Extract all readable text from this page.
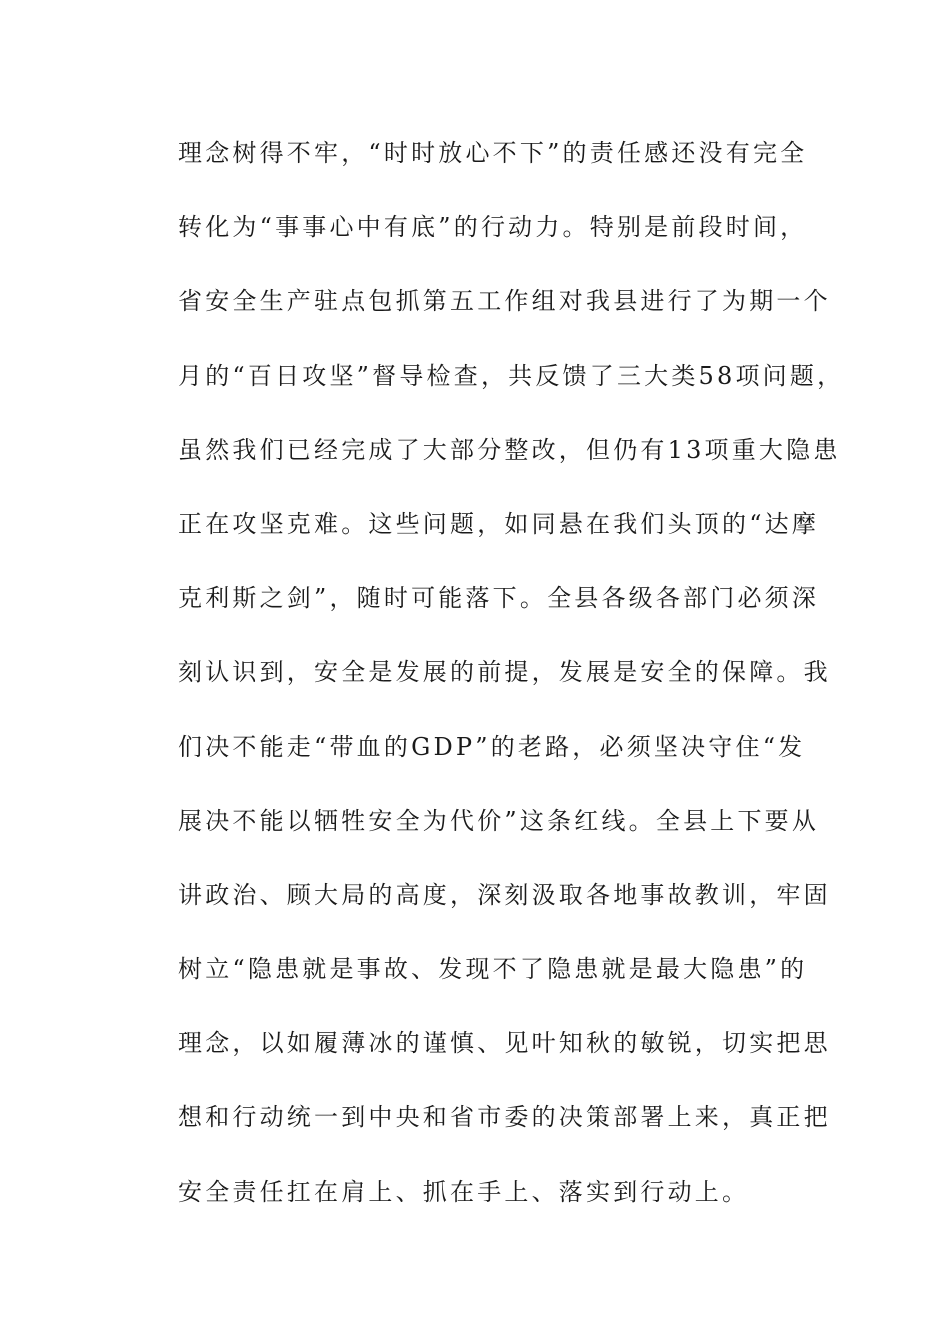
理念树得不牢，“时时放心不下”的责任感还没有完全
转化为“事事心中有底”的行动力。特别是前段时间，
省安全生产驻点包抓第五工作组对我县进行了为期一个
月的“百日攻坚”督导检查，共反馈了三大类58项问题，
虽然我们已经完成了大部分整改，但仍有13项重大隐患
正在攻坚克难。这些问题，如同悬在我们头顶的“达摩
克利斯之剑”，随时可能落下。全县各级各部门必须深
刻认识到，安全是发展的前提，发展是安全的保障。我
们决不能走“带血的GDP”的老路，必须坚决守住“发
展决不能以牺牲安全为代价”这条红线。全县上下要从
讲政治、顾大局的高度，深刻汲取各地事故教训，牢固
树立“隐患就是事故、发现不了隐患就是最大隐患”的
理念，以如履薄冰的谨慎、见叶知秋的敏锐，切实把思
想和行动统一到中央和省市委的决策部署上来，真正把
安全责任扛在肩上、抓在手上、落实到行动上。
